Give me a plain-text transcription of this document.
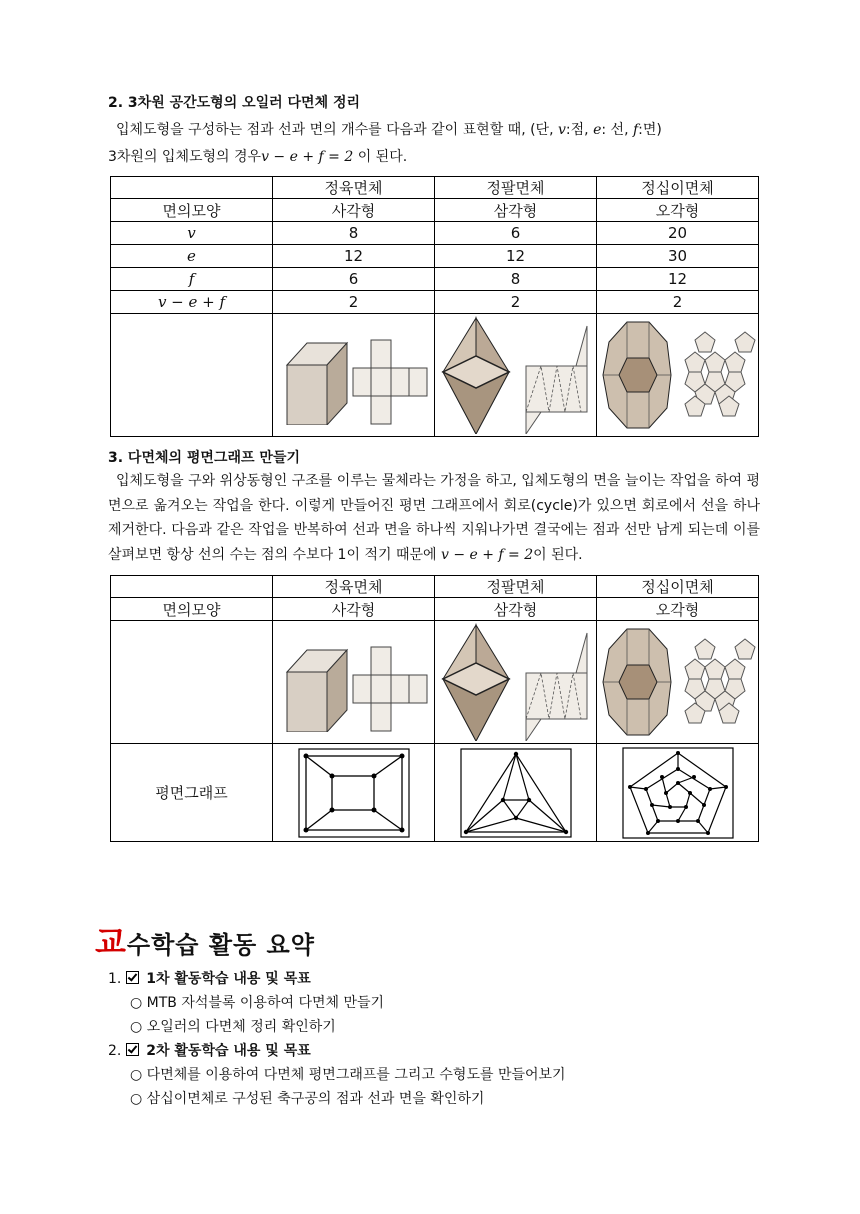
2. 3차원 공간도형의 오일러 다면체 정리
입체도형을 구성하는 점과 선과 면의 개수를 다음과 같이 표현할 때, (단, v:점, e: 선, f:면)
3차원의 입체도형의 경우v − e + f = 2 이 된다.
	정육면체	정팔면체	정십이면체
면의모양	사각형	삼각형	오각형
v	8	6	20
e	12	12	30
f	6	8	12
v − e + f	2	2	2

3. 다면체의 평면그래프 만들기
입체도형을 구와 위상동형인 구조를 이루는 물체라는 가정을 하고, 입체도형의 면을 늘이는 작업을 하여 평면으로 옮겨오는 작업을 한다. 이렇게 만들어진 평면 그래프에서 회로(cycle)가 있으면 회로에서 선을 하나 제거한다. 다음과 같은 작업을 반복하여 선과 면을 하나씩 지워나가면 결국에는 점과 선만 남게 되는데 이를 살펴보면 항상 선의 수는 점의 수보다 1이 적기 때문에 v − e + f = 2이 된다.
	정육면체	정팔면체	정십이면체
면의모양	사각형	삼각형	오각형

평면그래프	

교수학습 활동 요약
1. 1차 활동학습 내용 및 목표
○ MTB 자석블록 이용하여 다면체 만들기
○ 오일러의 다면체 정리 확인하기
2. 2차 활동학습 내용 및 목표
○ 다면체를 이용하여 다면체 평면그래프를 그리고 수형도를 만들어보기
○ 삼십이면체로 구성된 축구공의 점과 선과 면을 확인하기
